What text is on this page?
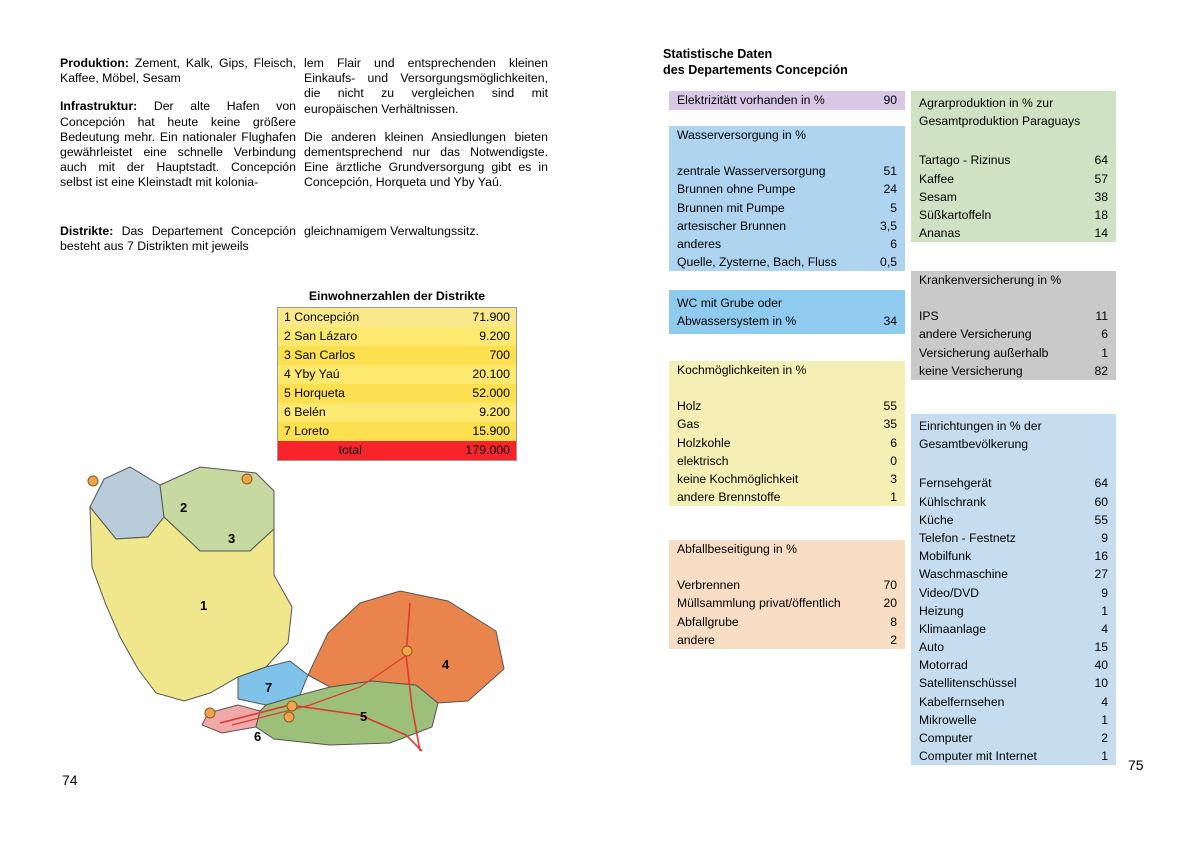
Produktion: Zement, Kalk, Gips, Fleisch, Kaffee, Möbel, Sesam

Infrastruktur: Der alte Hafen von Concepción hat heute keine größere Bedeutung mehr. Ein nationaler Flughafen gewährleistet eine schnelle Verbindung auch mit der Hauptstadt. Concepción selbst ist eine Kleinstadt mit koloniа-

lem Flair und entsprechenden kleinen Einkaufs- und Versorgungsmöglichkeiten, die nicht zu vergleichen sind mit europäischen Verhältnissen.

Die anderen kleinen Ansiedlungen bieten dementsprechend nur das Notwendigste. Eine ärztliche Grundversorgung gibt es in Concepción, Horqueta und Yby Yaú.

Distrikte: Das Departement Concepción besteht aus 7 Distrikten mit jeweils
gleichnamigem Verwaltungssitz.
Einwohnerzahlen der Distrikte
1 Concepción	71.900
2 San Lázaro	9.200
3 San Carlos	700
4 Yby Yaú	20.100
5 Horqueta	52.000
6 Belén	9.200
7 Loreto	15.900
total	179.000
2
3
1
4
5
6
7
74
Statistische Daten
des Departements Concepción
Elektrizitätt vorhanden in %	90
Wasserversorgung in %
zentrale Wasserversorgung	51
Brunnen ohne Pumpe	24
Brunnen mit Pumpe	5
artesischer Brunnen	3,5
anderes	6
Quelle, Zysterne, Bach, Fluss	0,5
WC mit Grube oder Abwassersystem in %	34
Kochmöglichkeiten in %
Holz	55
Gas	35
Holzkohle	6
elektrisch	0
keine Kochmöglichkeit	3
andere Brennstoffe	1
Abfallbeseitigung in %
Verbrennen	70
Müllsammlung privat/öffentlich	20
Abfallgrube	8
andere	2
Agrarproduktion in % zur Gesamtproduktion Paraguays
Tartago - Rizinus	64
Kaffee	57
Sesam	38
Süßkartoffeln	18
Ananas	14
Krankenversicherung in %
IPS	11
andere Versicherung	6
Versicherung außerhalb	1
keine Versicherung	82
Einrichtungen in % der Gesamtbevölkerung
Fernsehgerät	64
Kühlschrank	60
Küche	55
Telefon - Festnetz	9
Mobilfunk	16
Waschmaschine	27
Video/DVD	9
Heizung	1
Klimaanlage	4
Auto	15
Motorrad	40
Satellitenschüssel	10
Kabelfernsehen	4
Mikrowelle	1
Computer	2
Computer mit Internet	1
75
